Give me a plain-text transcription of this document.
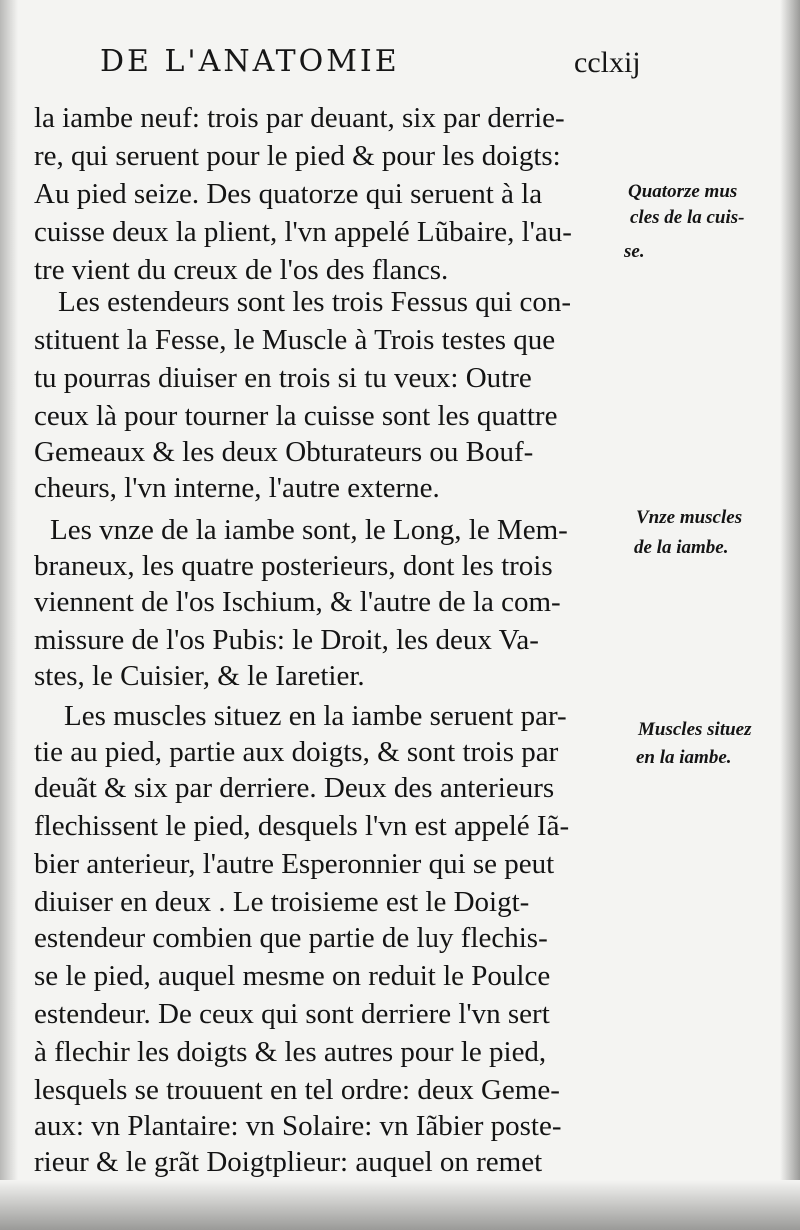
DE L'ANATOMIE	cclxij
la iambe neuf: trois par deuant, six par derrie-
re, qui seruent pour le pied & pour les doigts:
Au pied seize. Des quatorze qui seruent à la
cuisse deux la plient, l'vn appelé Lũbaire, l'au-
tre vient du creux de l'os des flancs.
Les estendeurs sont les trois Fessus qui con-
stituent la Fesse, le Muscle à Trois testes que
tu pourras diuiser en trois si tu veux: Outre
ceux là pour tourner la cuisse sont les quattre
Gemeaux & les deux Obturateurs ou Bouf-
cheurs, l'vn interne, l'autre externe.
Les vnze de la iambe sont, le Long, le Mem-
braneux, les quatre posterieurs, dont les trois
viennent de l'os Ischium, & l'autre de la com-
missure de l'os Pubis: le Droit, les deux Va-
stes, le Cuisier, & le Iaretier.
Les muscles situez en la iambe seruent par-
tie au pied, partie aux doigts, & sont trois par
deuãt & six par derriere. Deux des anterieurs
flechissent le pied, desquels l'vn est appelé Iã-
bier anterieur, l'autre Esperonnier qui se peut
diuiser en deux . Le troisieme est le Doigt-
estendeur combien que partie de luy flechis-
se le pied, auquel mesme on reduit le Poulce
estendeur. De ceux qui sont derriere l'vn sert
à flechir les doigts & les autres pour le pied,
lesquels se trouuent en tel ordre: deux Geme-
aux: vn Plantaire: vn Solaire: vn Iãbier poste-
rieur & le grãt Doigtplieur: auquel on remet
Quatorze mus
cles de la cuis-
se.
Vnze muscles
de la iambe.
Muscles situez
en la iambe.
